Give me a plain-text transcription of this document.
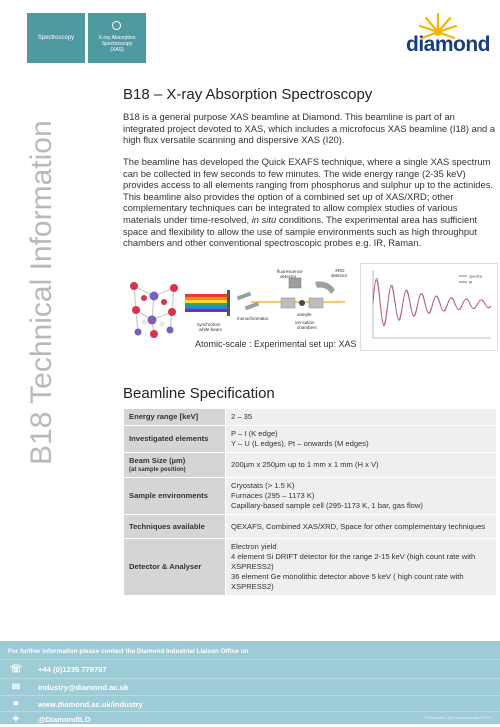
Spectroscopy	X-ray Absorption
Spectroscopy
(XAS)	diamond
B18 Technical Information
B18 – X-ray Absorption Spectroscopy

B18 is a general purpose XAS beamline at Diamond. This beamline is part of an integrated project devoted to XAS, which includes a microfocus XAS beamline (I18) and a high flux versatile scanning and dispersive XAS (I20).

The beamline has developed the Quick EXAFS technique, where a single XAS spectrum can be collected in few seconds to few minutes. The wide energy range (2-35 keV) provides access to all elements ranging from phosphorus and sulphur up to the actinides. This beamline also provides the option of a combined set up of XAS/XRD; other complementary techniques can be integrated to allow complex studies of various materials under time-resolved, in situ conditions. The experimental area has sufficient space and flexibility to allow the use of sample environments such as high throughput chambers and other conventional spectroscopic probes e.g. IR, Raman.

XRD
detector
fluorescence
detector
monochromator
sample
ion-sation
chambers
synchrotron
white beam
spectra
fit
Atomic-scale : Experimental set up: XAS
Beamline Specification
Energy range [keV]	2 – 35

Investigated elements	P – I (K edge)
Y – U (L edges), Pt – onwards (M edges)

Beam Size (µm)
(at sample position)	200µm x 250µm up to 1 mm x 1 mm (H x V)

Sample environments	Cryostats (> 1.5 K)
Furnaces (295 – 1173 K)
Capillary-based sample cell (295-1173 K, 1 bar, gas flow)

Techniques available	QEXAFS, Combined XAS/XRD, Space for other complementary techniques

Detector & Analyser	Electron yield
4 element Si DRIFT detector for the range 2-15 keV (high count rate with XSPRESS2)
36 element Ge monolithic detector above 5 keV ( high count rate with XSPRESS2)
For further information please contact the Diamond Industrial Liaison Office on
☏ +44 (0)1235 778797
✉	industry@diamond.ac.uk
⚭	www.diamond.ac.uk/industry
✦	@DiamondILO	© Diamond Light Source Limited 2017
